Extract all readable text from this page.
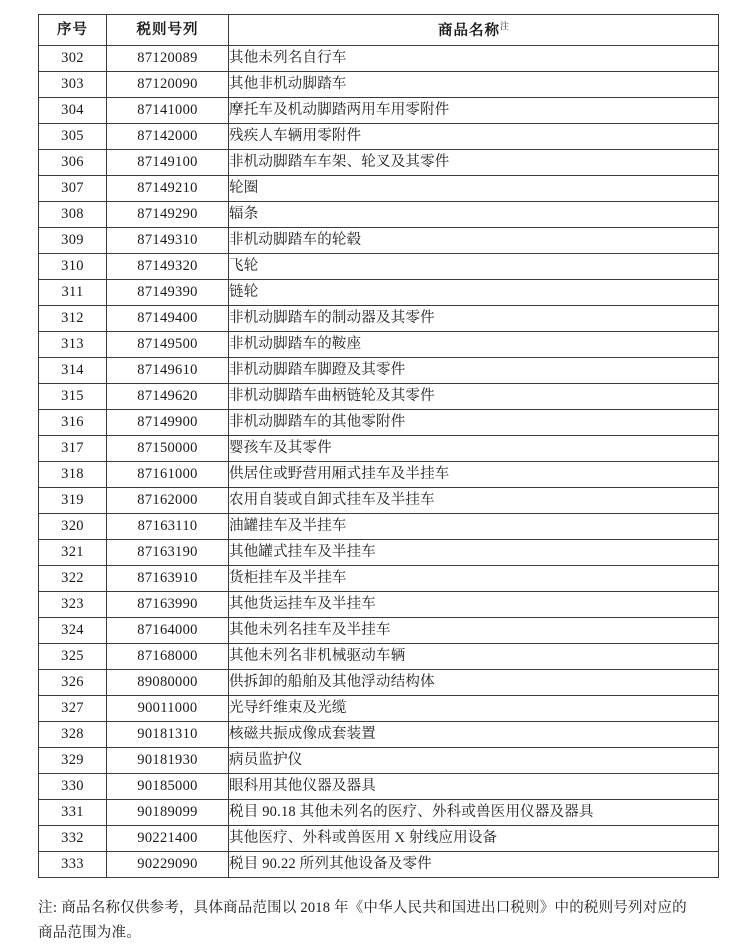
序号	税则号列	商品名称$^注$
302	87120089	其他未列名自行车
303	87120090	其他非机动脚踏车
304	87141000	摩托车及机动脚踏两用车用零附件
305	87142000	残疾人车辆用零附件
306	87149100	非机动脚踏车车架、轮叉及其零件
307	87149210	轮圈
308	87149290	辐条
309	87149310	非机动脚踏车的轮毂
310	87149320	飞轮
311	87149390	链轮
312	87149400	非机动脚踏车的制动器及其零件
313	87149500	非机动脚踏车的鞍座
314	87149610	非机动脚踏车脚蹬及其零件
315	87149620	非机动脚踏车曲柄链轮及其零件
316	87149900	非机动脚踏车的其他零附件
317	87150000	婴孩车及其零件
318	87161000	供居住或野营用厢式挂车及半挂车
319	87162000	农用自装或自卸式挂车及半挂车
320	87163110	油罐挂车及半挂车
321	87163190	其他罐式挂车及半挂车
322	87163910	货柜挂车及半挂车
323	87163990	其他货运挂车及半挂车
324	87164000	其他未列名挂车及半挂车
325	87168000	其他未列名非机械驱动车辆
326	89080000	供拆卸的船舶及其他浮动结构体
327	90011000	光导纤维束及光缆
328	90181310	核磁共振成像成套装置
329	90181930	病员监护仪
330	90185000	眼科用其他仪器及器具
331	90189099	税目 90.18 其他未列名的医疗、外科或兽医用仪器及器具
332	90221400	其他医疗、外科或兽医用 X 射线应用设备
333	90229090	税目 90.22 所列其他设备及零件
注: 商品名称仅供参考，具体商品范围以 2018 年《中华人民共和国进出口税则》中的税则号列对应的商品范围为准。
